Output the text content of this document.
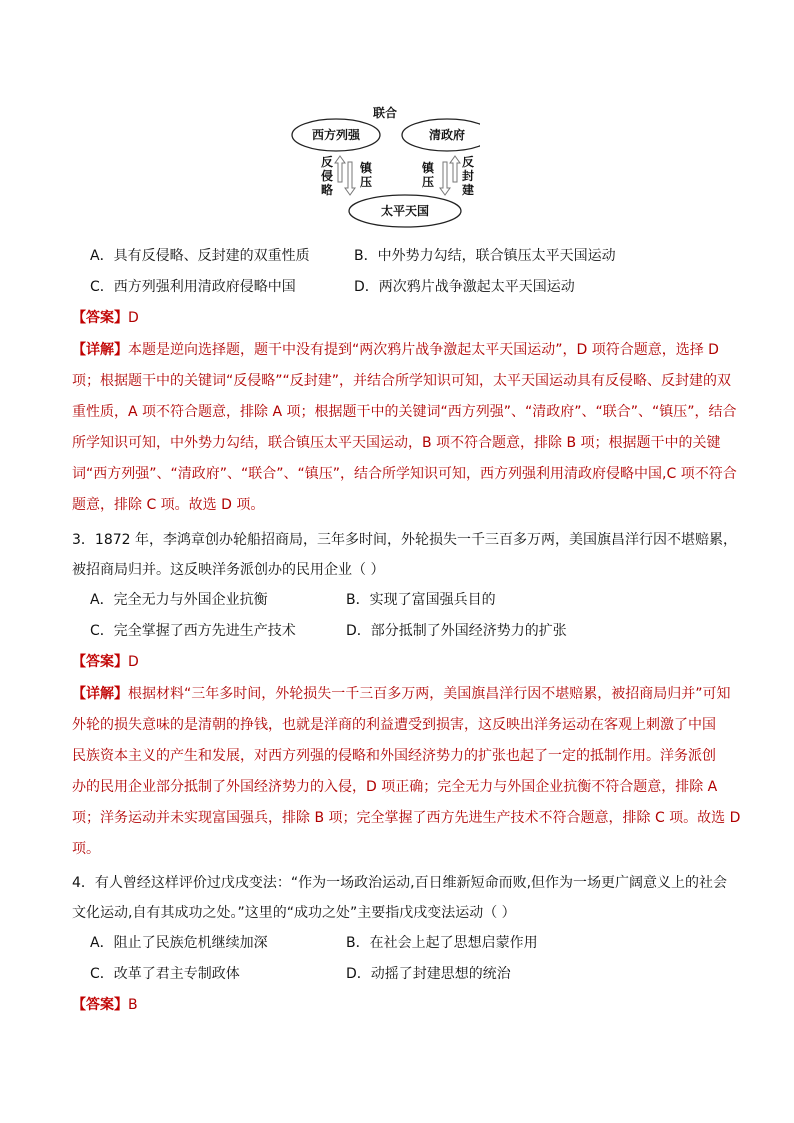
联合
西方列强	清政府
太平天国
反
侵
略
镇
压
镇
压
反
封
建
A．具有反侵略、反封建的双重性质	B．中外势力勾结，联合镇压太平天国运动
C．西方列强利用清政府侵略中国	D．两次鸦片战争激起太平天国运动
【答案】D
【详解】本题是逆向选择题，题干中没有提到“两次鸦片战争激起太平天国运动”，D 项符合题意，选择 D
项；根据题干中的关键词“反侵略”“反封建”，并结合所学知识可知，太平天国运动具有反侵略、反封建的双
重性质，A 项不符合题意，排除 A 项；根据题干中的关键词“西方列强”、“清政府”、“联合”、“镇压”，结合
所学知识可知，中外势力勾结，联合镇压太平天国运动，B 项不符合题意，排除 B 项；根据题干中的关键
词“西方列强”、“清政府”、“联合”、“镇压”，结合所学知识可知，西方列强利用清政府侵略中国,C 项不符合
题意，排除 C 项。故选 D 项。
3．1872 年，李鸿章创办轮船招商局，三年多时间，外轮损失一千三百多万两，美国旗昌洋行因不堪赔累，
被招商局归并。这反映洋务派创办的民用企业（ ）
A．完全无力与外国企业抗衡	B．实现了富国强兵目的
C．完全掌握了西方先进生产技术	D．部分抵制了外国经济势力的扩张
【答案】D
【详解】根据材料“三年多时间，外轮损失一千三百多万两，美国旗昌洋行因不堪赔累，被招商局归并”可知
外轮的损失意味的是清朝的挣钱，也就是洋商的利益遭受到损害，这反映出洋务运动在客观上刺激了中国
民族资本主义的产生和发展，对西方列强的侵略和外国经济势力的扩张也起了一定的抵制作用。洋务派创
办的民用企业部分抵制了外国经济势力的入侵，D 项正确；完全无力与外国企业抗衡不符合题意，排除 A
项；洋务运动并未实现富国强兵，排除 B 项；完全掌握了西方先进生产技术不符合题意，排除 C 项。故选 D
项。
4．有人曾经这样评价过戊戌变法：“作为一场政治运动,百日维新短命而败,但作为一场更广阔意义上的社会
文化运动,自有其成功之处。”这里的“成功之处”主要指戊戌变法运动（ ）
A．阻止了民族危机继续加深	B．在社会上起了思想启蒙作用
C．改革了君主专制政体	D．动摇了封建思想的统治
【答案】B
